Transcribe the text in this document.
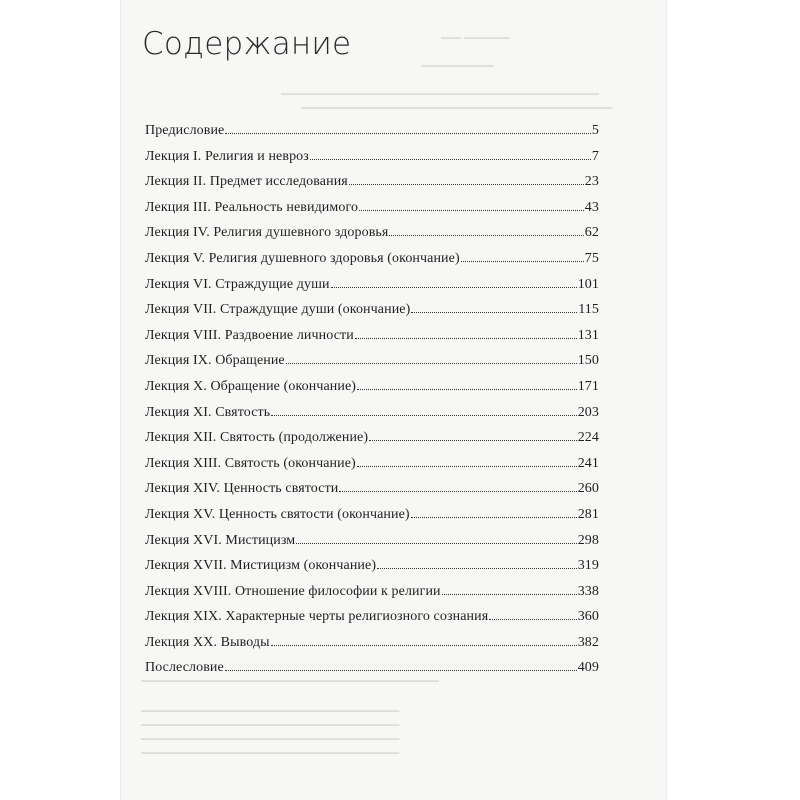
━━━ ━━━━━━━
━━━━━━━━━━━
━━━━━━━━━━━━━━━━━━━━━━━━━━━━━━━━━━━━━━━━━━━━━━━━
━━━━━━━━━━━━━━━━━━━━━━━━━━━━━━━━━━━━━━━━━━━━━━━
━━━━━━━━━━━━━━━━━━━━━━━━━━━━━━━━━━━━━━━━━━━━━
━━━━━━━━━━━━━━━━━━━━━━━━━━━━━━━━━━━━━━━
━━━━━━━━━━━━━━━━━━━━━━━━━━━━━━━━━━━━━━━
━━━━━━━━━━━━━━━━━━━━━━━━━━━━━━━━━━━━━━━
━━━━━━━━━━━━━━━━━━━━━━━━━━━━━━━━━━━━━━━
Содержание
Предисловие	5
Лекция I. Религия и невроз	7
Лекция II. Предмет исследования	23
Лекция III. Реальность невидимого	43
Лекция IV. Религия душевного здоровья	62
Лекция V. Религия душевного здоровья (окончание)	75
Лекция VI. Страждущие души	101
Лекция VII. Страждущие души (окончание)	115
Лекция VIII. Раздвоение личности	131
Лекция IX. Обращение	150
Лекция X. Обращение (окончание)	171
Лекция XI. Святость	203
Лекция XII. Святость (продолжение)	224
Лекция XIII. Святость (окончание)	241
Лекция XIV. Ценность святости	260
Лекция XV. Ценность святости (окончание)	281
Лекция XVI. Мистицизм	298
Лекция XVII. Мистицизм (окончание)	319
Лекция XVIII. Отношение философии к религии	338
Лекция XIX. Характерные черты религиозного сознания	360
Лекция XX. Выводы	382
Послесловие	409
